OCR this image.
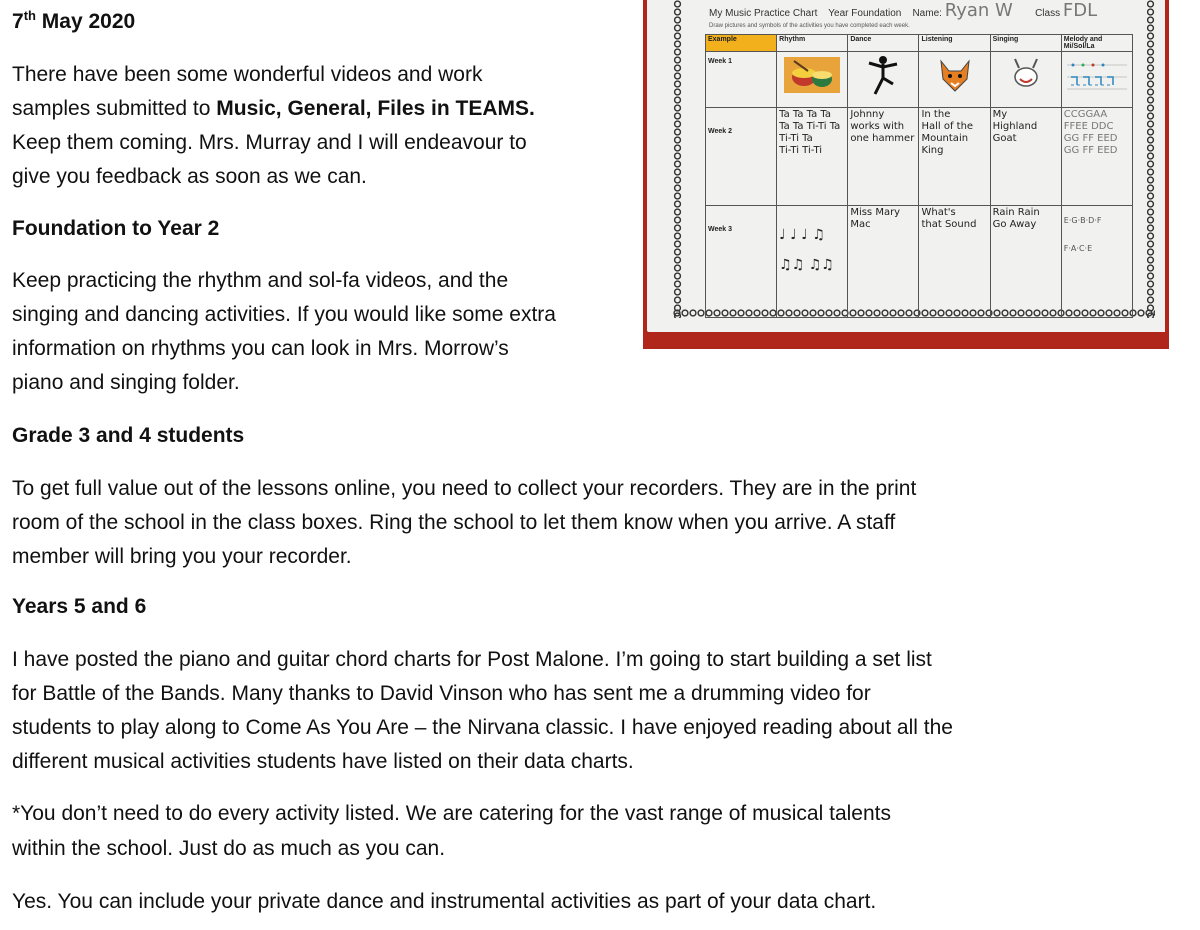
7th May 2020

There have been some wonderful videos and work

samples submitted to Music, General, Files in TEAMS.

Keep them coming. Mrs. Murray and I will endeavour to

give you feedback as soon as we can.

Foundation to Year 2

Keep practicing the rhythm and sol-fa videos, and the

singing and dancing activities. If you would like some extra

information on rhythms you can look in Mrs. Morrow’s

piano and singing folder.

Grade 3 and 4 students

To get full value out of the lessons online, you need to collect your recorders. They are in the print

room of the school in the class boxes. Ring the school to let them know when you arrive. A staff

member will bring you your recorder.

Years 5 and 6

I have posted the piano and guitar chord charts for Post Malone. I’m going to start building a set list

for Battle of the Bands. Many thanks to David Vinson who has sent me a drumming video for

students to play along to Come As You Are – the Nirvana classic. I have enjoyed reading about all the

different musical activities students have listed on their data charts.

*You don’t need to do every activity listed. We are catering for the vast range of musical talents

within the school. Just do as much as you can.

Yes. You can include your private dance and instrumental activities as part of your data chart.

My Music Practice Chart Year Foundation Name: Ryan W Class FDL
Draw pictures and symbols of the activities you have completed each week.
Example	Rhythm	Dance	Listening	Singing	Melody and Mi/Sol/La
Week 1	

Week 2	Ta Ta Ta Ta
Ta Ta Ti-Ti Ta
Ti-Ti Ta
Ti-Ti Ti-Ti	Johnny
works with
one hammer	In the
Hall of the
Mountain
King	My
Highland
Goat	CCGGAA
FFEE DDC
GG FF EED
GG FF EED
Week 3	♩ ♩ ♩ ♫
♫♫ ♫♫	Miss Mary
Mac	What's
that Sound	Rain Rain
Go Away	E·G·B·D·F
F·A·C·E
